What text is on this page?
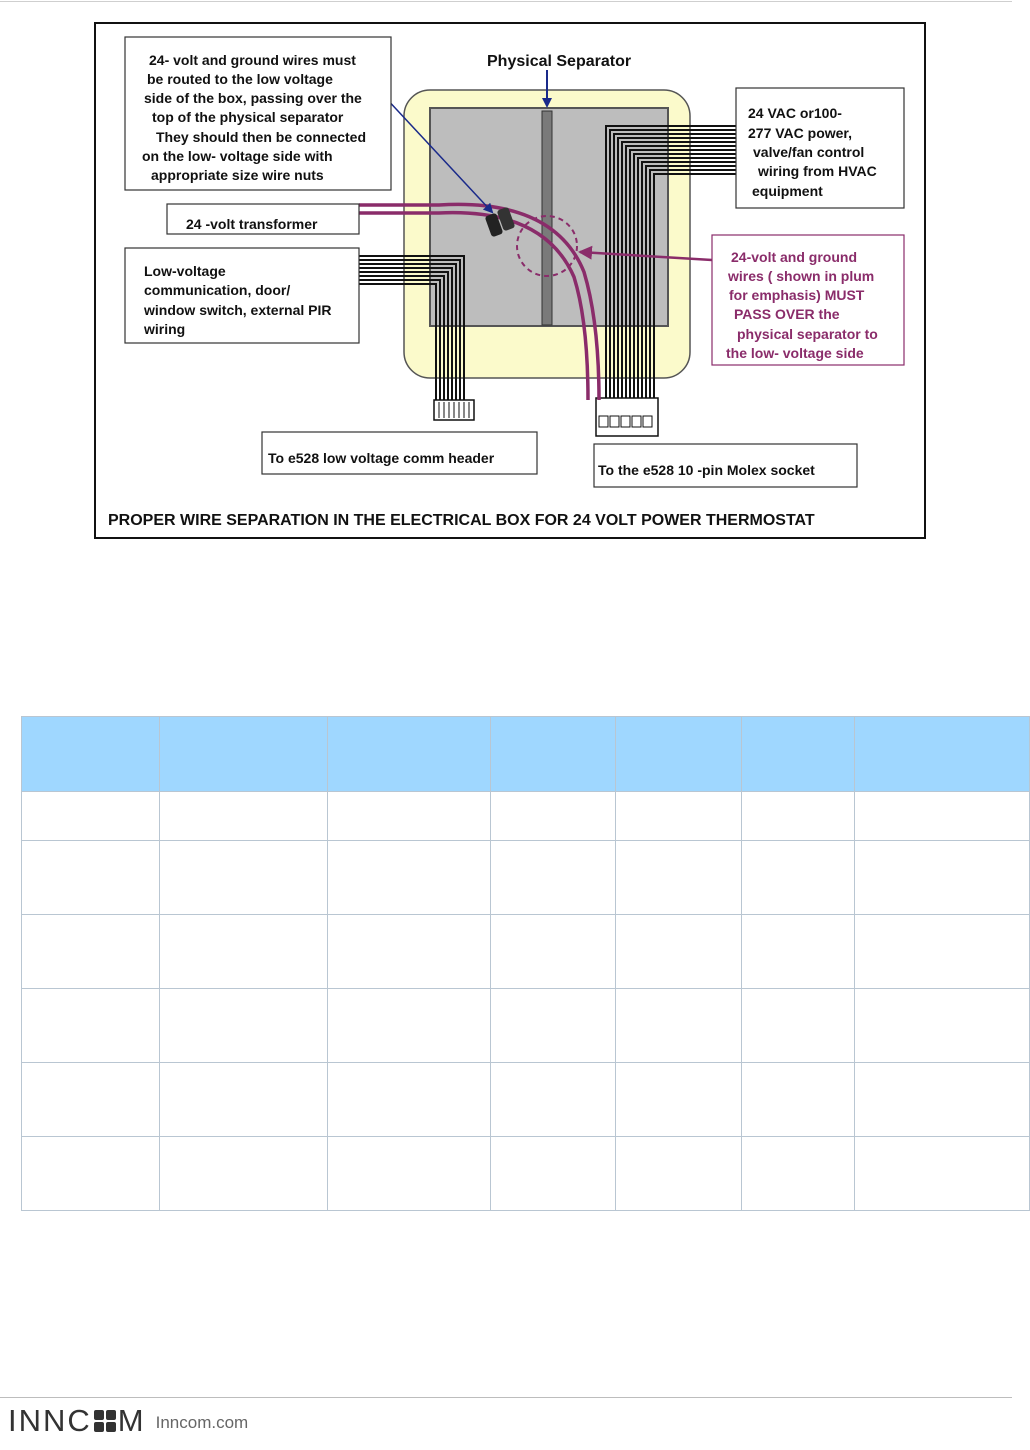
Physical Separator
24- volt and ground wires must be routed to the low voltage side of the box, passing over the top of the physical separator They should then be connected on the low- voltage side with appropriate size wire nuts
24 -volt transformer
Low-voltage communication, door/ window switch, external PIR wiring
24 VAC or100- 277 VAC power, valve/fan control wiring from HVAC equipment
24-volt and ground wires ( shown in plum for emphasis) MUST PASS OVER the physical separator to the low- voltage side
To e528 low voltage comm header
To the e528 10 -pin Molex socket
PROPER WIRE SEPARATION IN THE ELECTRICAL BOX FOR 24 VOLT POWER THERMOSTAT

INNC M Inncom.com
